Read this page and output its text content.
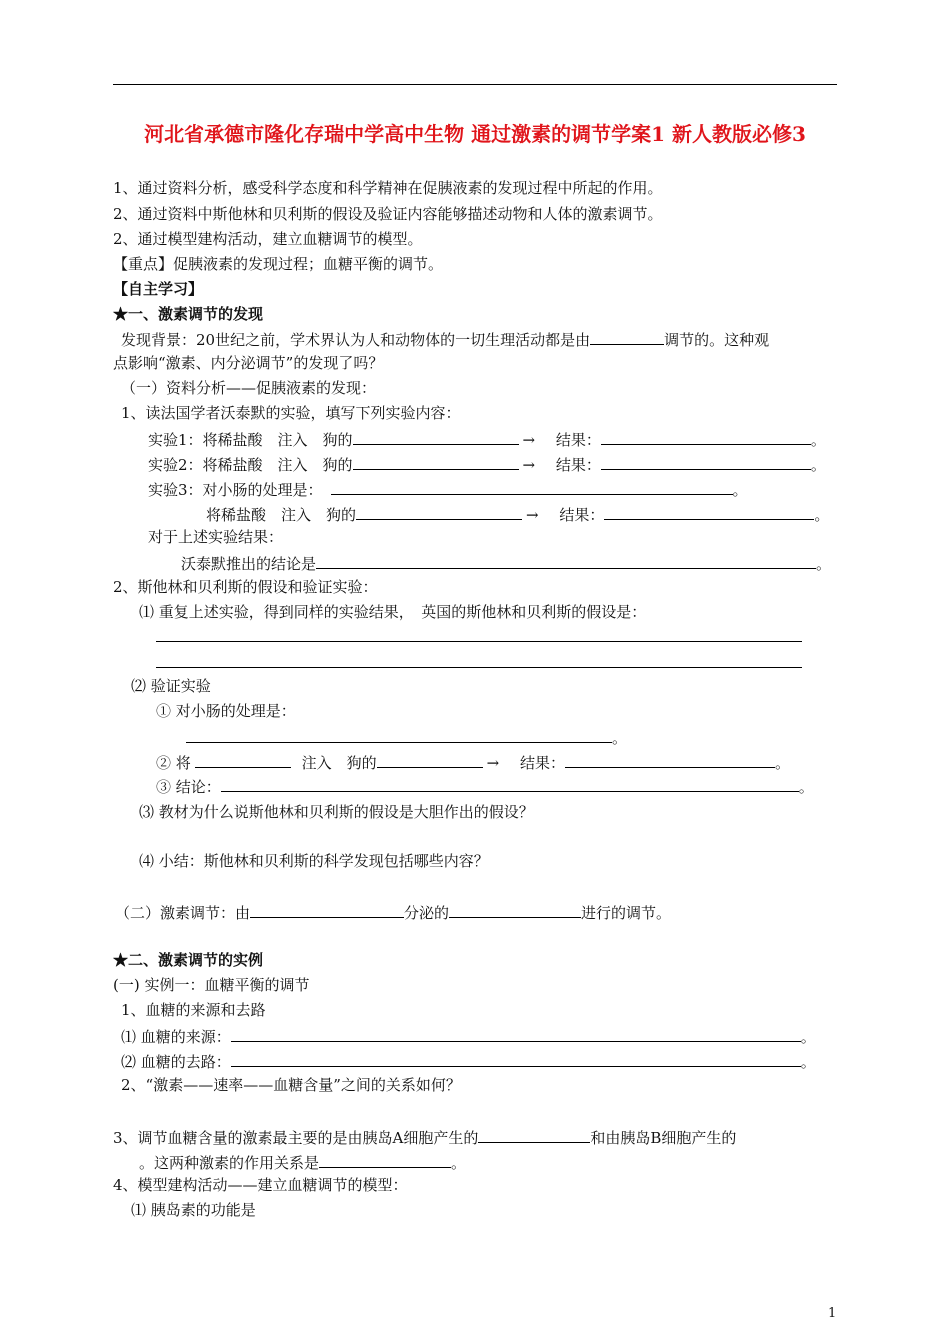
河北省承德市隆化存瑞中学高中生物 通过激素的调节学案1 新人教版必修3
1、通过资料分析，感受科学态度和科学精神在促胰液素的发现过程中所起的作用。
2、通过资料中斯他林和贝利斯的假设及验证内容能够描述动物和人体的激素调节。
2、通过模型建构活动，建立血糖调节的模型。
【重点】促胰液素的发现过程；血糖平衡的调节。
【自主学习】
★一、激素调节的发现
发现背景：20世纪之前，学术界认为人和动物体的一切生理活动都是由	调节的。这种观
点影响“激素、内分泌调节”的发现了吗？
（一）资料分析——促胰液素的发现：
1、读法国学者沃泰默的实验，填写下列实验内容：
实验1：将稀盐酸　注入　狗的	→ 结果：	。
实验2：将稀盐酸　注入　狗的	→ 结果：	。
实验3：对小肠的处理是：	。
将稀盐酸　注入　狗的	→ 结果：	。
对于上述实验结果：
沃泰默推出的结论是	。
2、斯他林和贝利斯的假设和验证实验：
⑴ 重复上述实验，得到同样的实验结果，　英国的斯他林和贝利斯的假设是：
⑵ 验证实验
① 对小肠的处理是：
。
② 将	注入　狗的	→ 结果：	。
③ 结论：	。
⑶ 教材为什么说斯他林和贝利斯的假设是大胆作出的假设？
⑷ 小结：斯他林和贝利斯的科学发现包括哪些内容？
（二）激素调节：由	分泌的	进行的调节。
★二、激素调节的实例
(一) 实例一：血糖平衡的调节
1、血糖的来源和去路
⑴ 血糖的来源：	。
⑵ 血糖的去路：	。
2、“激素——速率——血糖含量”之间的关系如何？
3、调节血糖含量的激素最主要的是由胰岛A细胞产生的	和由胰岛B细胞产生的
。这两种激素的作用关系是	。
4、模型建构活动——建立血糖调节的模型：
⑴ 胰岛素的功能是
1
